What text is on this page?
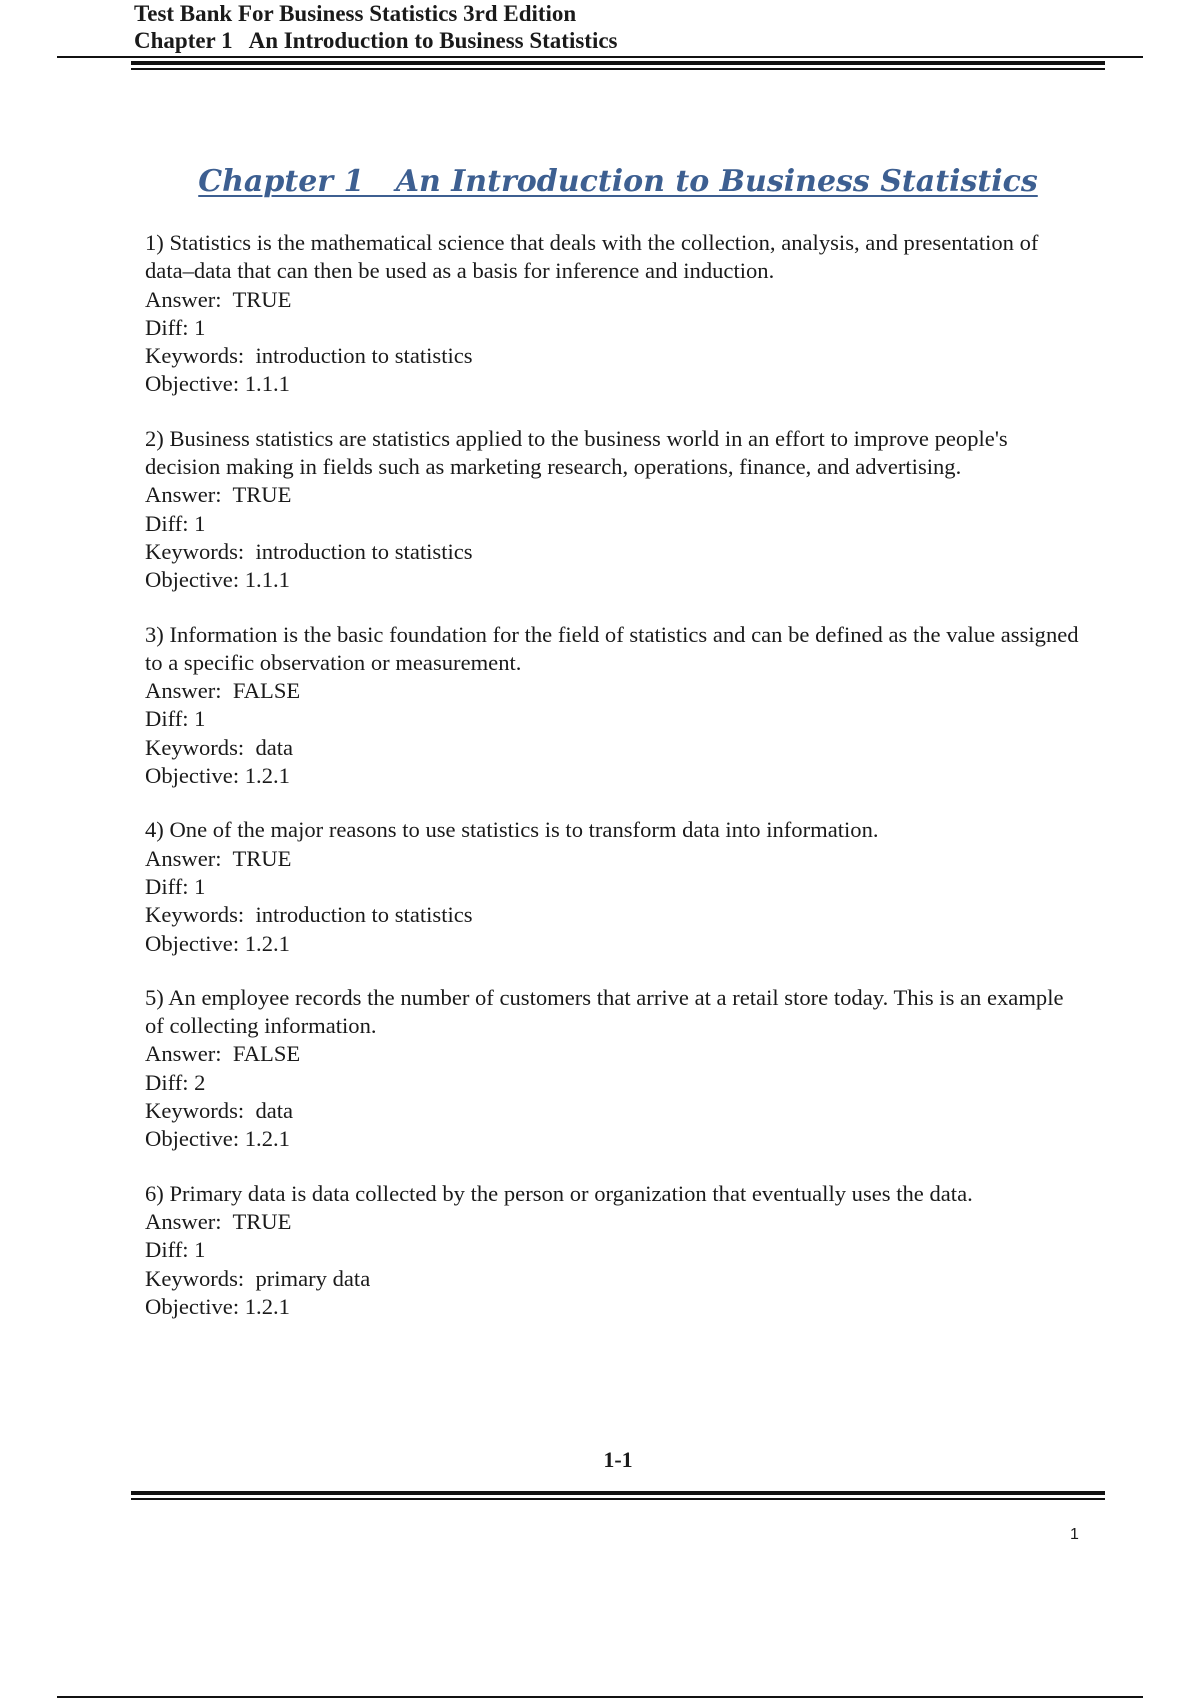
Test Bank For Business Statistics 3rd Edition
Chapter 1   An Introduction to Business Statistics
Chapter 1   An Introduction to Business Statistics
1) Statistics is the mathematical science that deals with the collection, analysis, and presentation of data–data that can then be used as a basis for inference and induction.
Answer:  TRUE
Diff: 1
Keywords:  introduction to statistics
Objective: 1.1.1
2) Business statistics are statistics applied to the business world in an effort to improve people's decision making in fields such as marketing research, operations, finance, and advertising.
Answer:  TRUE
Diff: 1
Keywords:  introduction to statistics
Objective: 1.1.1
3) Information is the basic foundation for the field of statistics and can be defined as the value assigned to a specific observation or measurement.
Answer:  FALSE
Diff: 1
Keywords:  data
Objective: 1.2.1
4) One of the major reasons to use statistics is to transform data into information.
Answer:  TRUE
Diff: 1
Keywords:  introduction to statistics
Objective: 1.2.1
5) An employee records the number of customers that arrive at a retail store today. This is an example of collecting information.
Answer:  FALSE
Diff: 2
Keywords:  data
Objective: 1.2.1
6) Primary data is data collected by the person or organization that eventually uses the data.
Answer:  TRUE
Diff: 1
Keywords:  primary data
Objective: 1.2.1
1-1
1
